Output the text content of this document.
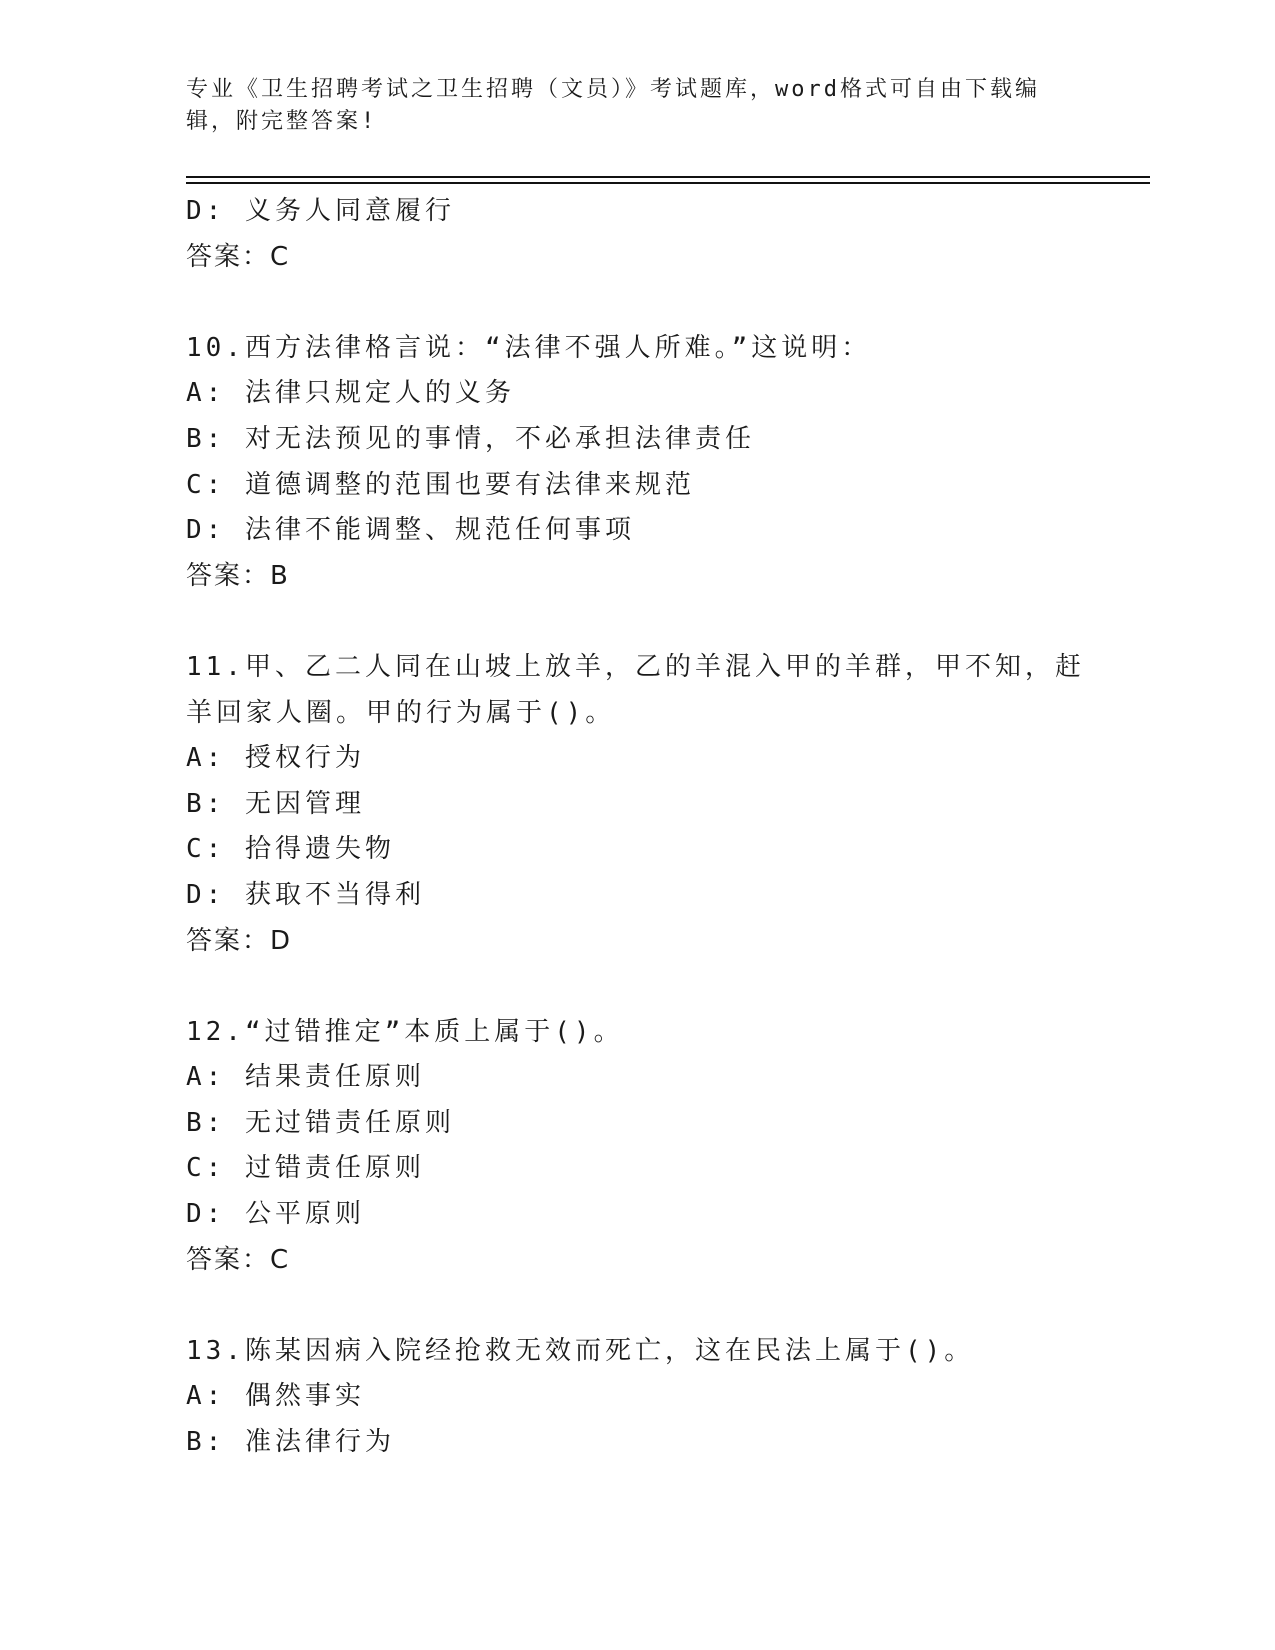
专业《卫生招聘考试之卫生招聘（文员）》考试题库，word格式可自由下载编辑，附完整答案!
D: 义务人同意履行
答案：C
10.西方法律格言说：“法律不强人所难。”这说明：
A: 法律只规定人的义务
B: 对无法预见的事情，不必承担法律责任
C: 道德调整的范围也要有法律来规范
D: 法律不能调整、规范任何事项
答案：B
11.甲、乙二人同在山坡上放羊，乙的羊混入甲的羊群，甲不知，赶羊回家人圈。甲的行为属于()。
A: 授权行为
B: 无因管理
C: 拾得遗失物
D: 获取不当得利
答案：D
12.“过错推定”本质上属于()。
A: 结果责任原则
B: 无过错责任原则
C: 过错责任原则
D: 公平原则
答案：C
13.陈某因病入院经抢救无效而死亡，这在民法上属于()。
A: 偶然事实
B: 准法律行为
